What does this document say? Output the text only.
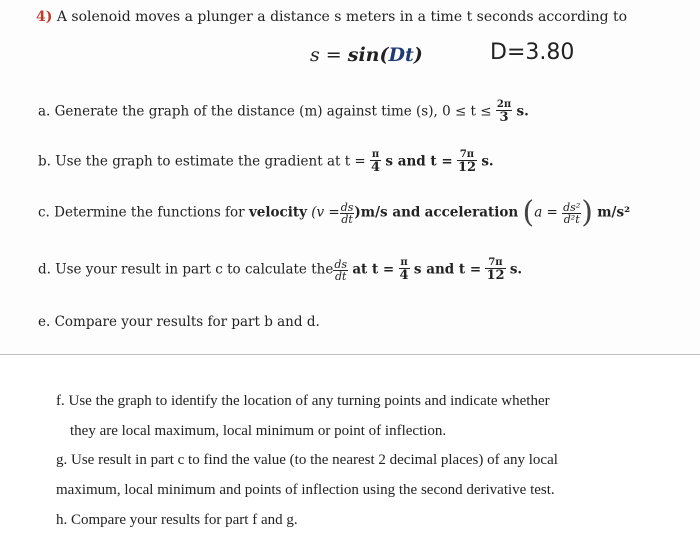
4) A solenoid moves a plunger a distance s meters in a time t seconds according to
s = sin(Dt)	D=3.80
a. Generate the graph of the distance (m) against time (s), $0 \le t \le \frac{2\pi}{3} s$.
b. Use the graph to estimate the gradient at $t = \frac{\pi}{4}$ s and $t = \frac{7\pi}{12} s$.
c. Determine the functions for velocity $(v = \frac{ds}{dt} )m/s$ and acceleration ($a = \frac{\text{ds²}}{\text{d²t}}$ ) m/s²
d. Use your result in part c to calculate the $\frac{ds}{dt}$ at $t = \frac{\pi}{4}$ s and $t = \frac{7\pi}{12} s$.
e. Compare your results for part b and d.
f. Use the graph to identify the location of any turning points and indicate whether
they are local maximum, local minimum or point of inflection.
g. Use result in part c to find the value (to the nearest 2 decimal places) of any local
maximum, local minimum and points of inflection using the second derivative test.
h. Compare your results for part f and g.
